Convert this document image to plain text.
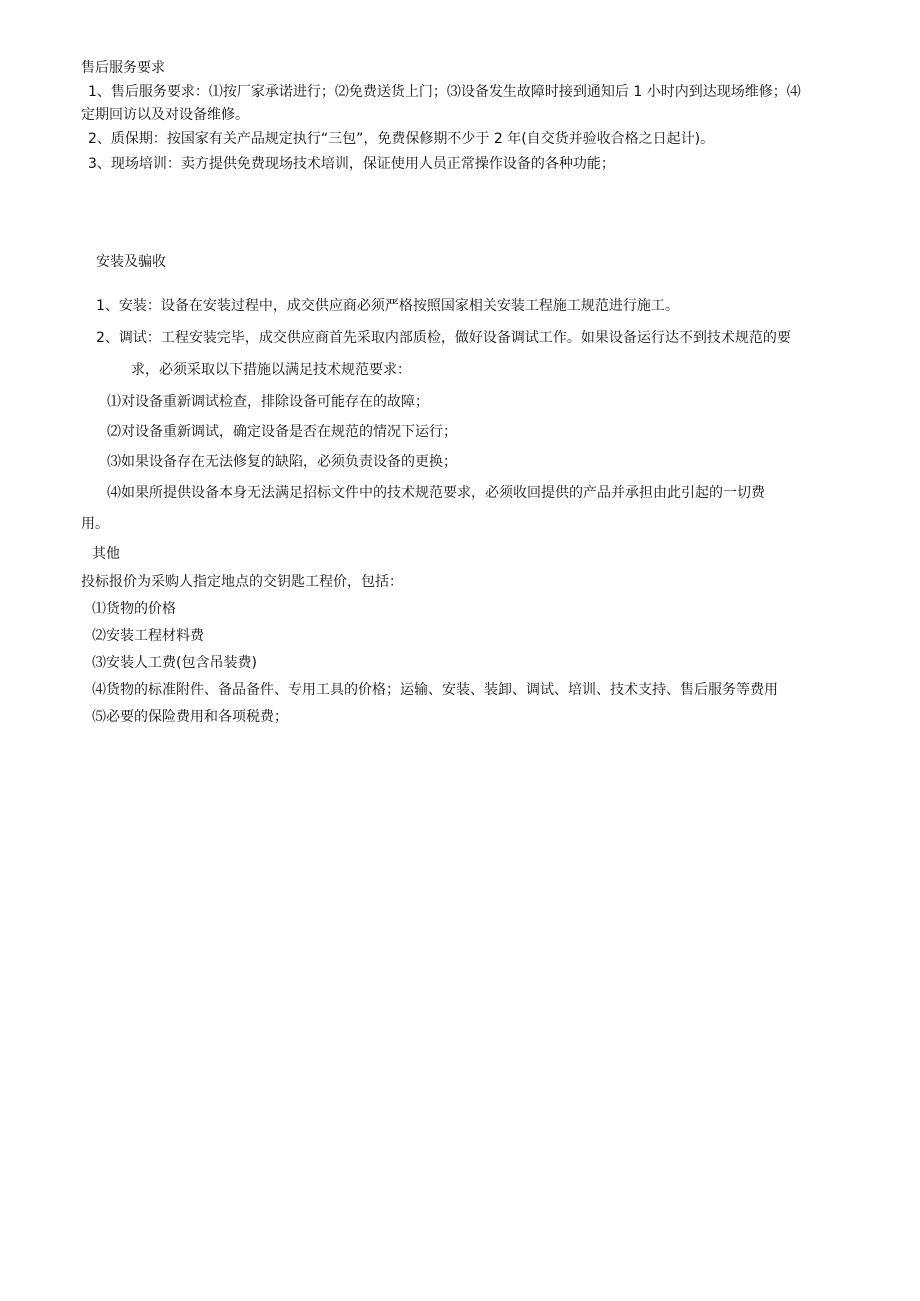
售后服务要求
1、售后服务要求：⑴按厂家承诺进行；⑵免费送货上门；⑶设备发生故障时接到通知后 1 小时内到达现场维修；⑷
定期回访以及对设备维修。
2、质保期：按国家有关产品规定执行“三包”，免费保修期不少于 2 年(自交货并验收合格之日起计)。
3、现场培训：卖方提供免费现场技术培训，保证使用人员正常操作设备的各种功能；
安装及骗收
1、安装：设备在安装过程中，成交供应商必须严格按照国家相关安装工程施工规范进行施工。
2、调试：工程安装完毕，成交供应商首先采取内部质检，做好设备调试工作。如果设备运行达不到技术规范的要
求，必须采取以下措施以满足技术规范要求：
⑴对设备重新调试检查，排除设备可能存在的故障；
⑵对设备重新调试，确定设备是否在规范的情况下运行；
⑶如果设备存在无法修复的缺陷，必须负责设备的更换；
⑷如果所提供设备本身无法满足招标文件中的技术规范要求，必须收回提供的产品并承担由此引起的一切费
用。
其他
投标报价为采购人指定地点的交钥匙工程价，包括：
⑴货物的价格
⑵安装工程材料费
⑶安装人工费(包含吊装费)
⑷货物的标准附件、备品备件、专用工具的价格；运输、安装、装卸、调试、培训、技术支持、售后服务等费用
⑸必要的保险费用和各项税费；
